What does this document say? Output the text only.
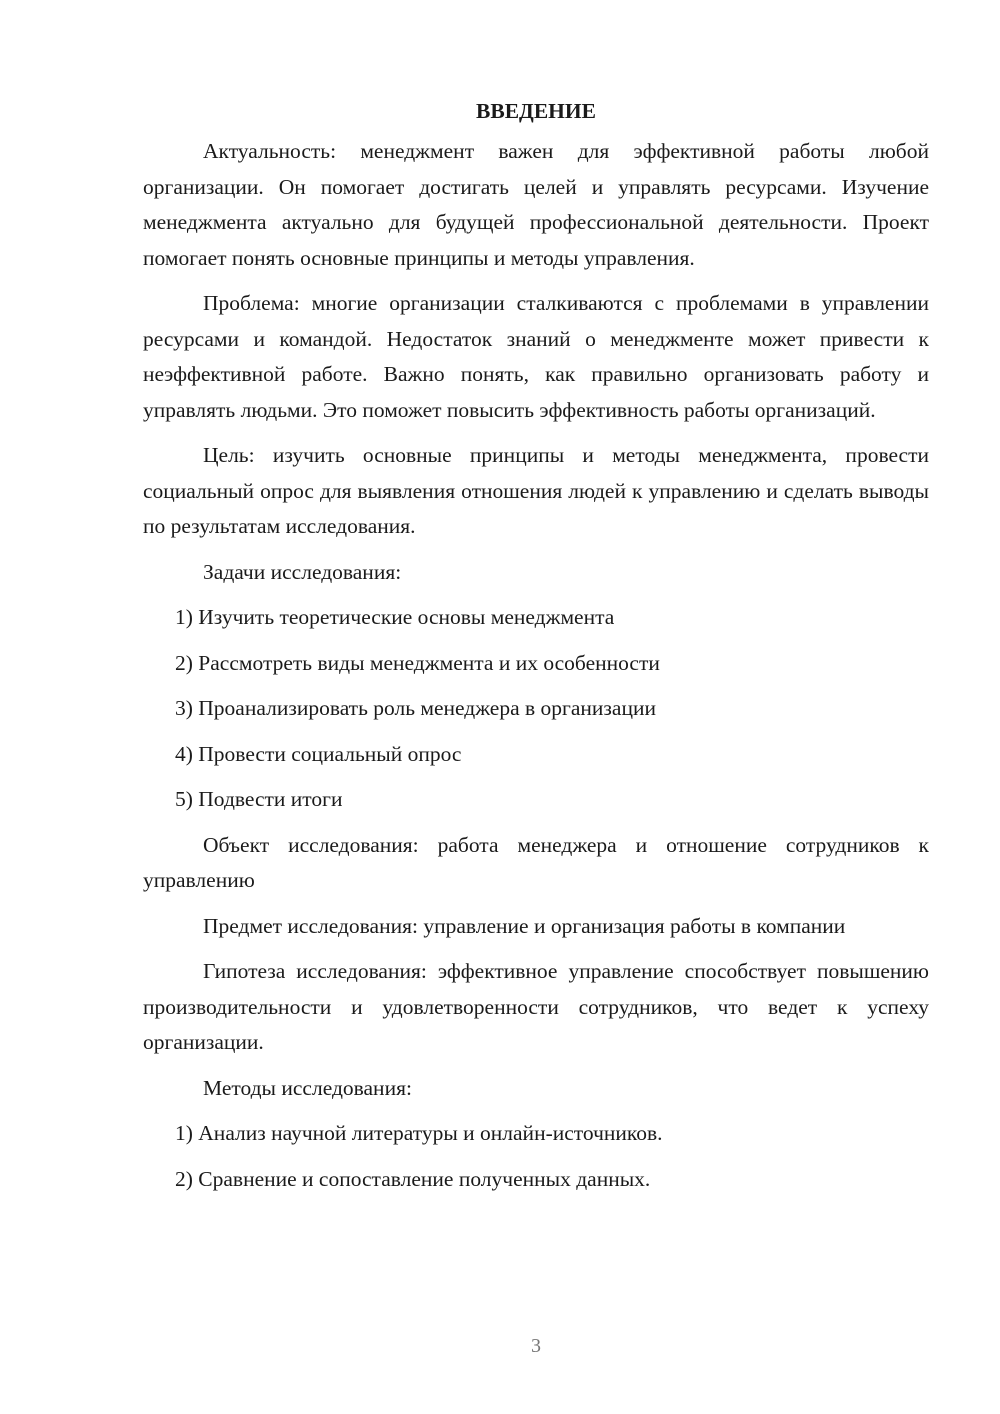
ВВЕДЕНИЕ

Актуальность: менеджмент важен для эффективной работы любой организации. Он помогает достигать целей и управлять ресурсами. Изучение менеджмента актуально для будущей профессиональной деятельности. Проект помогает понять основные принципы и методы управления.

Проблема: многие организации сталкиваются с проблемами в управлении ресурсами и командой. Недостаток знаний о менеджменте может привести к неэффективной работе. Важно понять, как правильно организовать работу и управлять людьми. Это поможет повысить эффективность работы организаций.

Цель: изучить основные принципы и методы менеджмента, провести социальный опрос для выявления отношения людей к управлению и сделать выводы по результатам исследования.

Задачи исследования:

1) Изучить теоретические основы менеджмента

2) Рассмотреть виды менеджмента и их особенности

3) Проанализировать роль менеджера в организации

4) Провести социальный опрос

5) Подвести итоги

Объект исследования: работа менеджера и отношение сотрудников к управлению

Предмет исследования: управление и организация работы в компании

Гипотеза исследования: эффективное управление способствует повышению производительности и удовлетворенности сотрудников, что ведет к успеху организации.

Методы исследования:

1) Анализ научной литературы и онлайн-источников.

2) Сравнение и сопоставление полученных данных.

3
